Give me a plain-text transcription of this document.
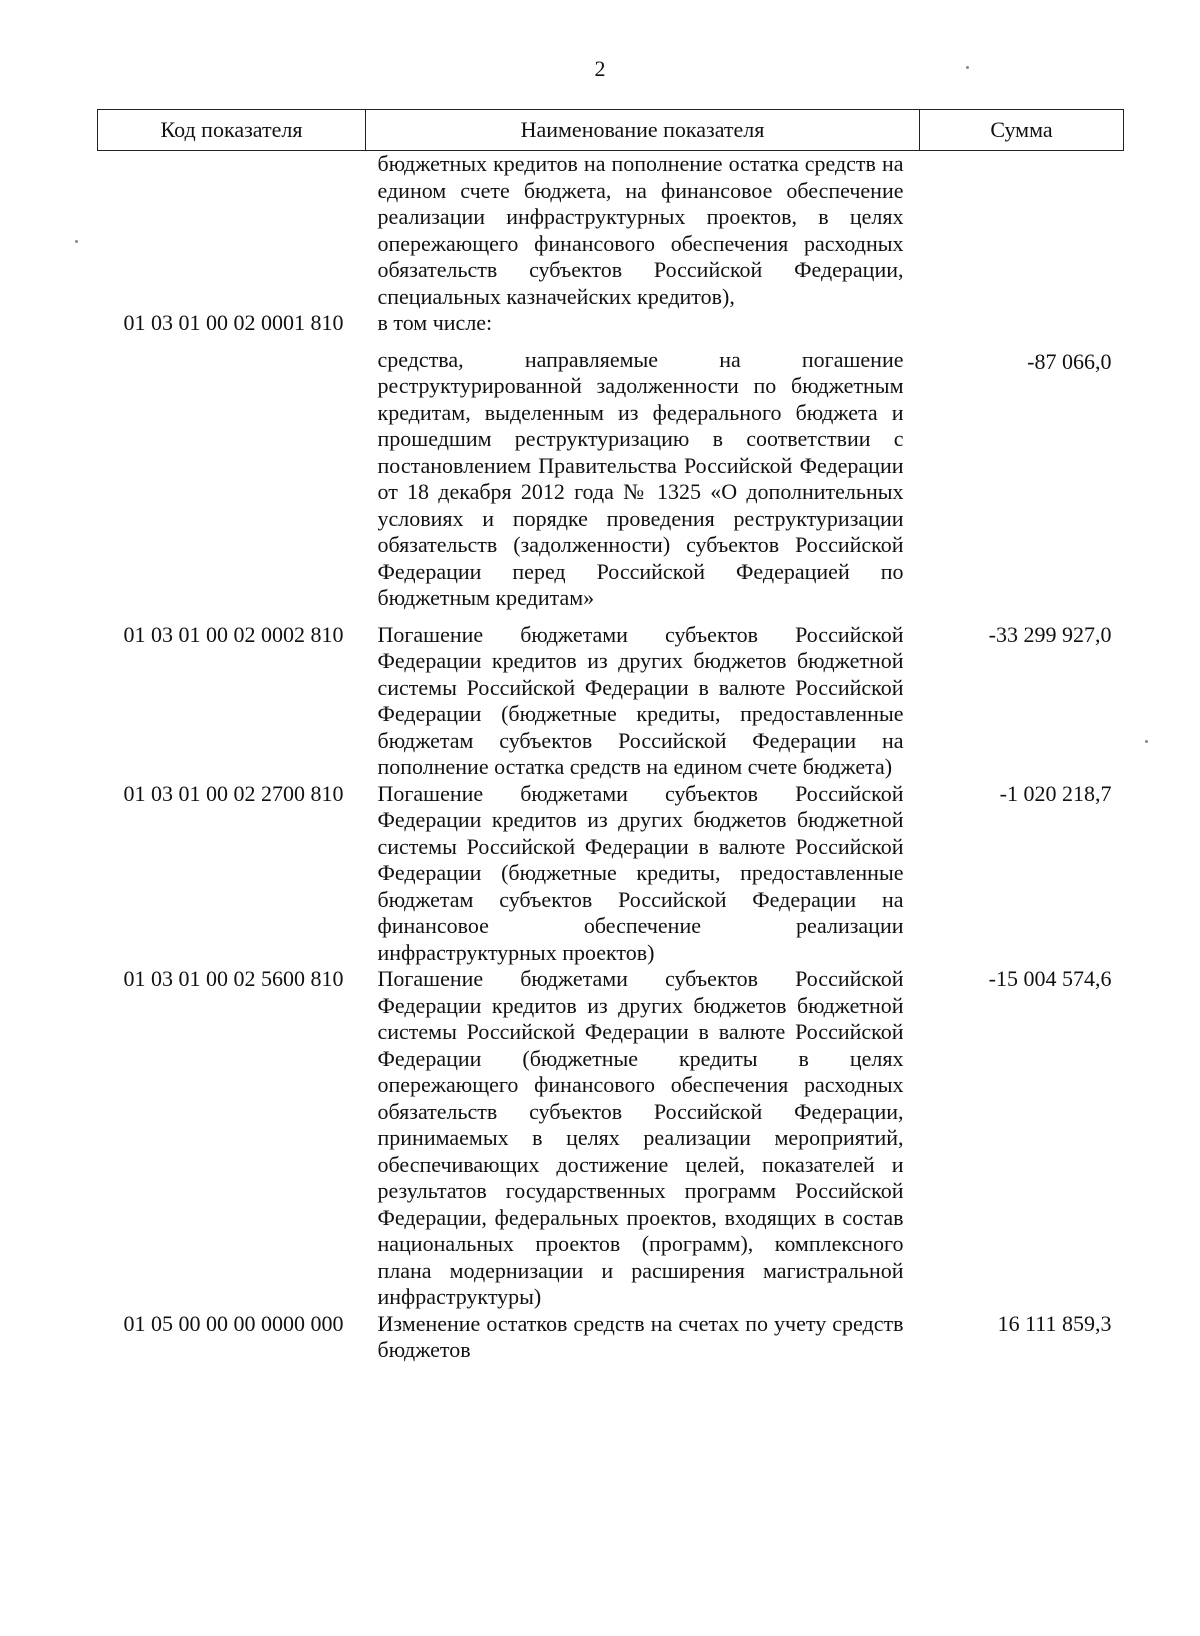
2
Код показателя	Наименование показателя	Сумма
01 03 01 00 02 0001 810	бюджетных кредитов на пополнение остатка средств на едином счете бюджета, на финансовое обеспечение реализации инфраструктурных проектов, в целях опережающего финансового обеспечения расходных обязательств субъектов Российской Федерации, специальных казначейских кредитов),
в том числе:	

	средства, направляемые на погашение реструктурированной задолженности по бюджетным кредитам, выделенным из федерального бюджета и прошедшим реструктуризацию в соответствии с постановлением Правительства Российской Федерации от 18 декабря 2012 года № 1325 «О дополнительных условиях и порядке проведения реструктуризации обязательств (задолженности) субъектов Российской Федерации перед Российской Федерацией по бюджетным кредитам»	-87 066,0
01 03 01 00 02 0002 810	Погашение бюджетами субъектов Российской Федерации кредитов из других бюджетов бюджетной системы Российской Федерации в валюте Российской Федерации (бюджетные кредиты, предоставленные бюджетам субъектов Российской Федерации на пополнение остатка средств на едином счете бюджета)	-33 299 927,0
01 03 01 00 02 2700 810	Погашение бюджетами субъектов Российской Федерации кредитов из других бюджетов бюджетной системы Российской Федерации в валюте Российской Федерации (бюджетные кредиты, предоставленные бюджетам субъектов Российской Федерации на финансовое обеспечение реализации инфраструктурных проектов)	-1 020 218,7
01 03 01 00 02 5600 810	Погашение бюджетами субъектов Российской Федерации кредитов из других бюджетов бюджетной системы Российской Федерации в валюте Российской Федерации (бюджетные кредиты в целях опережающего финансового обеспечения расходных обязательств субъектов Российской Федерации, принимаемых в целях реализации мероприятий, обеспечивающих достижение целей, показателей и результатов государственных программ Российской Федерации, федеральных проектов, входящих в состав национальных проектов (программ), комплексного плана модернизации и расширения магистральной инфраструктуры)	-15 004 574,6
01 05 00 00 00 0000 000	Изменение остатков средств на счетах по учету средств бюджетов	16 111 859,3
